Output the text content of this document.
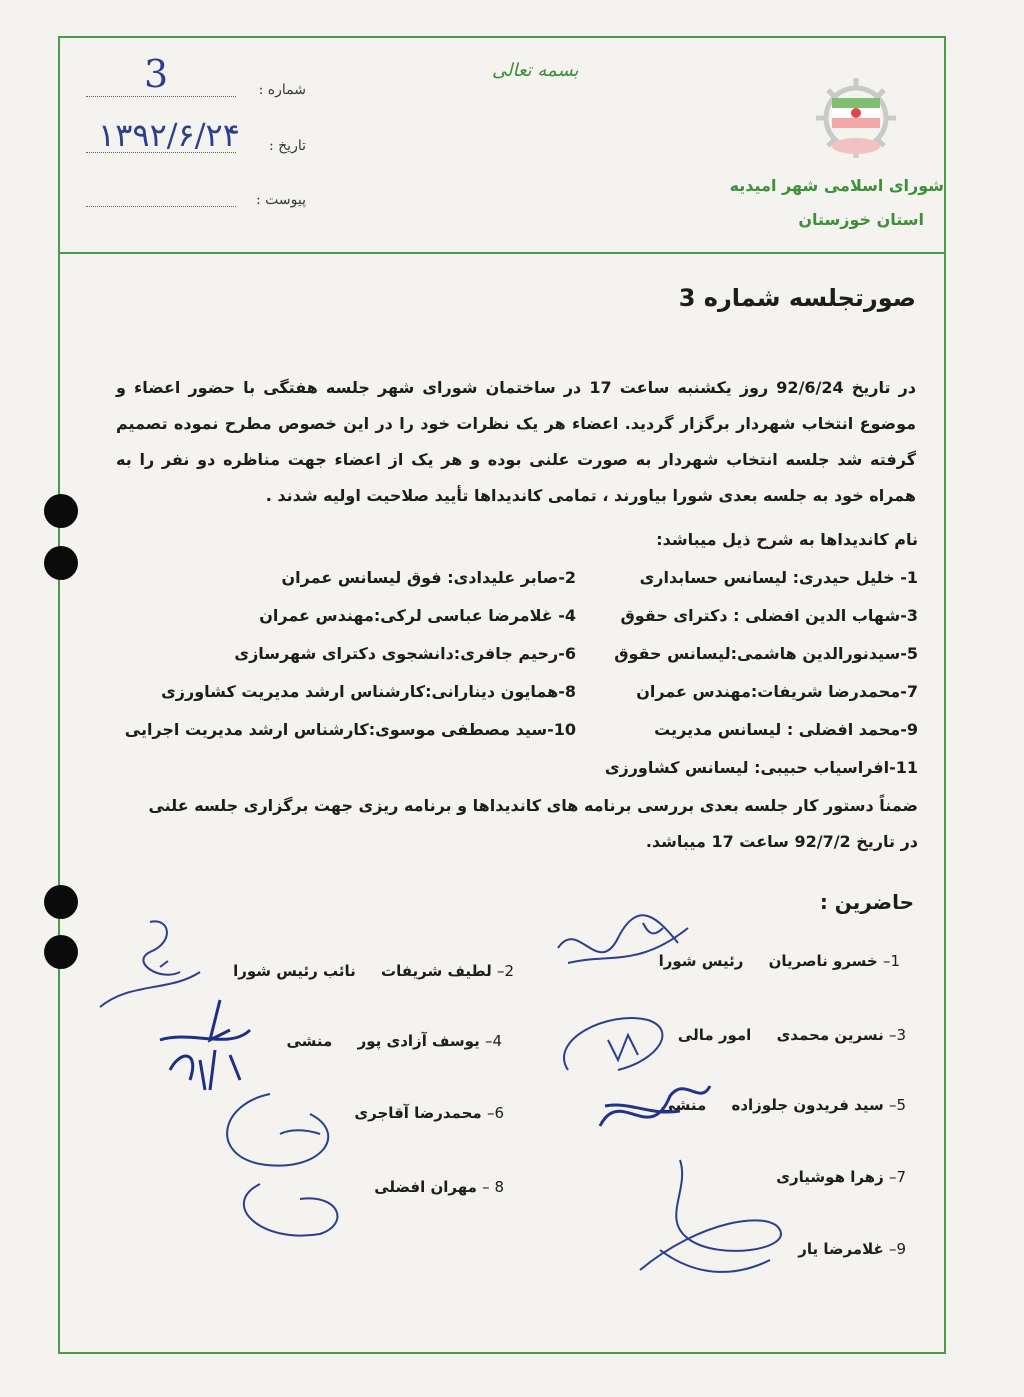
شماره :
3
تاریخ :
۱۳۹۲/۶/۲۴
پیوست :
بسمه تعالی
شورای اسلامی شهر امیدیه
استان خوزستان
صورتجلسه شماره 3
در تاریخ 92/6/24 روز یکشنبه ساعت 17 در ساختمان شورای شهر جلسه هفتگی با حضور اعضاء و موضوع انتخاب شهردار برگزار گردید. اعضاء هر یک نظرات خود را در این خصوص مطرح نموده تصمیم گرفته شد جلسه انتخاب شهردار به صورت علنی بوده و هر یک از اعضاء جهت مناظره دو نفر را به همراه خود به جلسه بعدی شورا بیاورند ، تمامی کاندیداها تأیید صلاحیت اولیه شدند .
نام کاندیداها به شرح ذیل میباشد:
1- خلیل حیدری: لیسانس حسابداری
3-شهاب الدین افضلی : دکترای حقوق
5-سیدنورالدین هاشمی:لیسانس حقوق
7-محمدرضا شریفات:مهندس عمران
9-محمد افضلی : لیسانس مدیریت
11-افراسیاب حبیبی: لیسانس کشاورزی
2-صابر علیدادی: فوق لیسانس عمران
4- غلامرضا عباسی لرکی:مهندس عمران
6-رحیم جافری:دانشجوی دکترای شهرسازی
8-همایون دینارانی:کارشناس ارشد مدیریت کشاورزی
10-سید مصطفی موسوی:کارشناس ارشد مدیریت اجرایی
ضمناً دستور کار جلسه بعدی بررسی برنامه های کاندیداها و برنامه ریزی جهت برگزاری جلسه علنی
در تاریخ 92/7/2 ساعت 17 میباشد.
حاضرین :
1– خسرو ناصریان رئیس شورا
3– نسرین محمدی امور مالی
5– سید فریدون جلوزاده منشی
7– زهرا هوشیاری
9– غلامرضا یار
2– لطیف شریفات نائب رئیس شورا
4– یوسف آزادی پور منشی
6– محمدرضا آقاجری
8 – مهران افضلی
